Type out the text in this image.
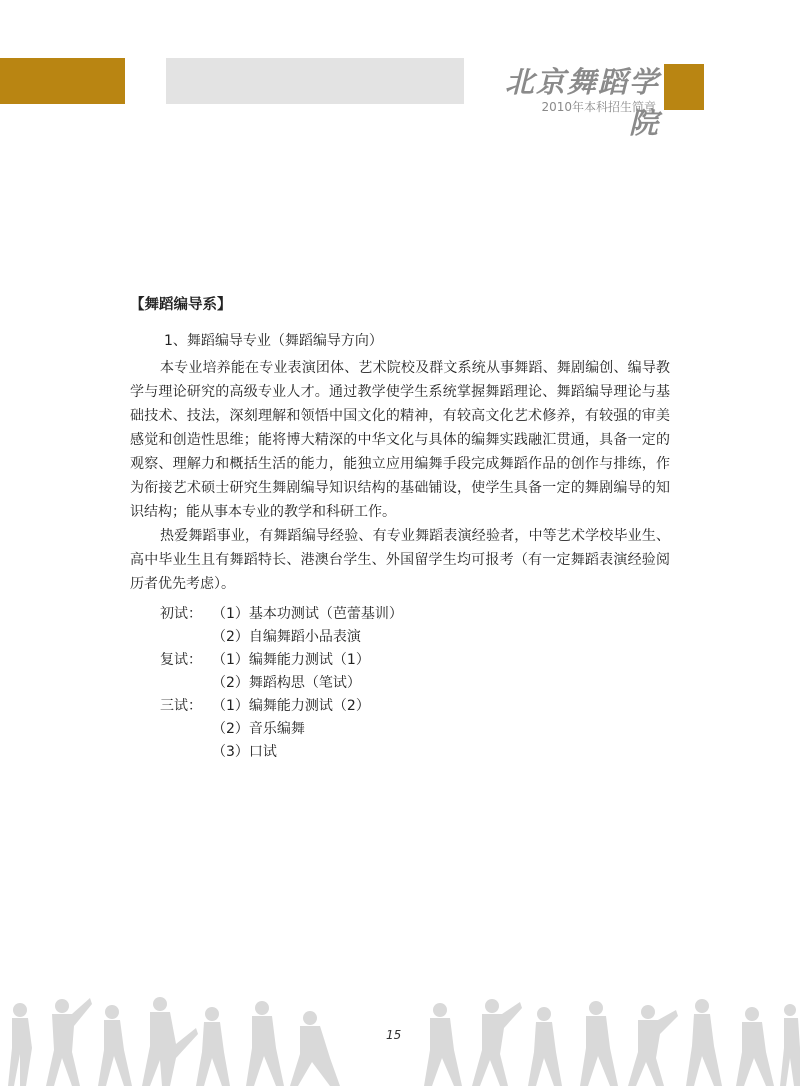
北京舞蹈学院
2010年本科招生简章
【舞蹈编导系】
1、舞蹈编导专业（舞蹈编导方向）

本专业培养能在专业表演团体、艺术院校及群文系统从事舞蹈、舞剧编创、编导教学与理论研究的高级专业人才。通过教学使学生系统掌握舞蹈理论、舞蹈编导理论与基础技术、技法，深刻理解和领悟中国文化的精神，有较高文化艺术修养，有较强的审美感觉和创造性思维；能将博大精深的中华文化与具体的编舞实践融汇贯通，具备一定的观察、理解力和概括生活的能力，能独立应用编舞手段完成舞蹈作品的创作与排练，作为衔接艺术硕士研究生舞剧编导知识结构的基础铺设，使学生具备一定的舞剧编导的知识结构；能从事本专业的教学和科研工作。

热爱舞蹈事业，有舞蹈编导经验、有专业舞蹈表演经验者，中等艺术学校毕业生、高中毕业生且有舞蹈特长、港澳台学生、外国留学生均可报考（有一定舞蹈表演经验阅历者优先考虑）。

初试： （1）基本功测试（芭蕾基训）
（2）自编舞蹈小品表演
复试： （1）编舞能力测试（1）
（2）舞蹈构思（笔试）
三试： （1）编舞能力测试（2）
（2）音乐编舞
（3）口试
15
